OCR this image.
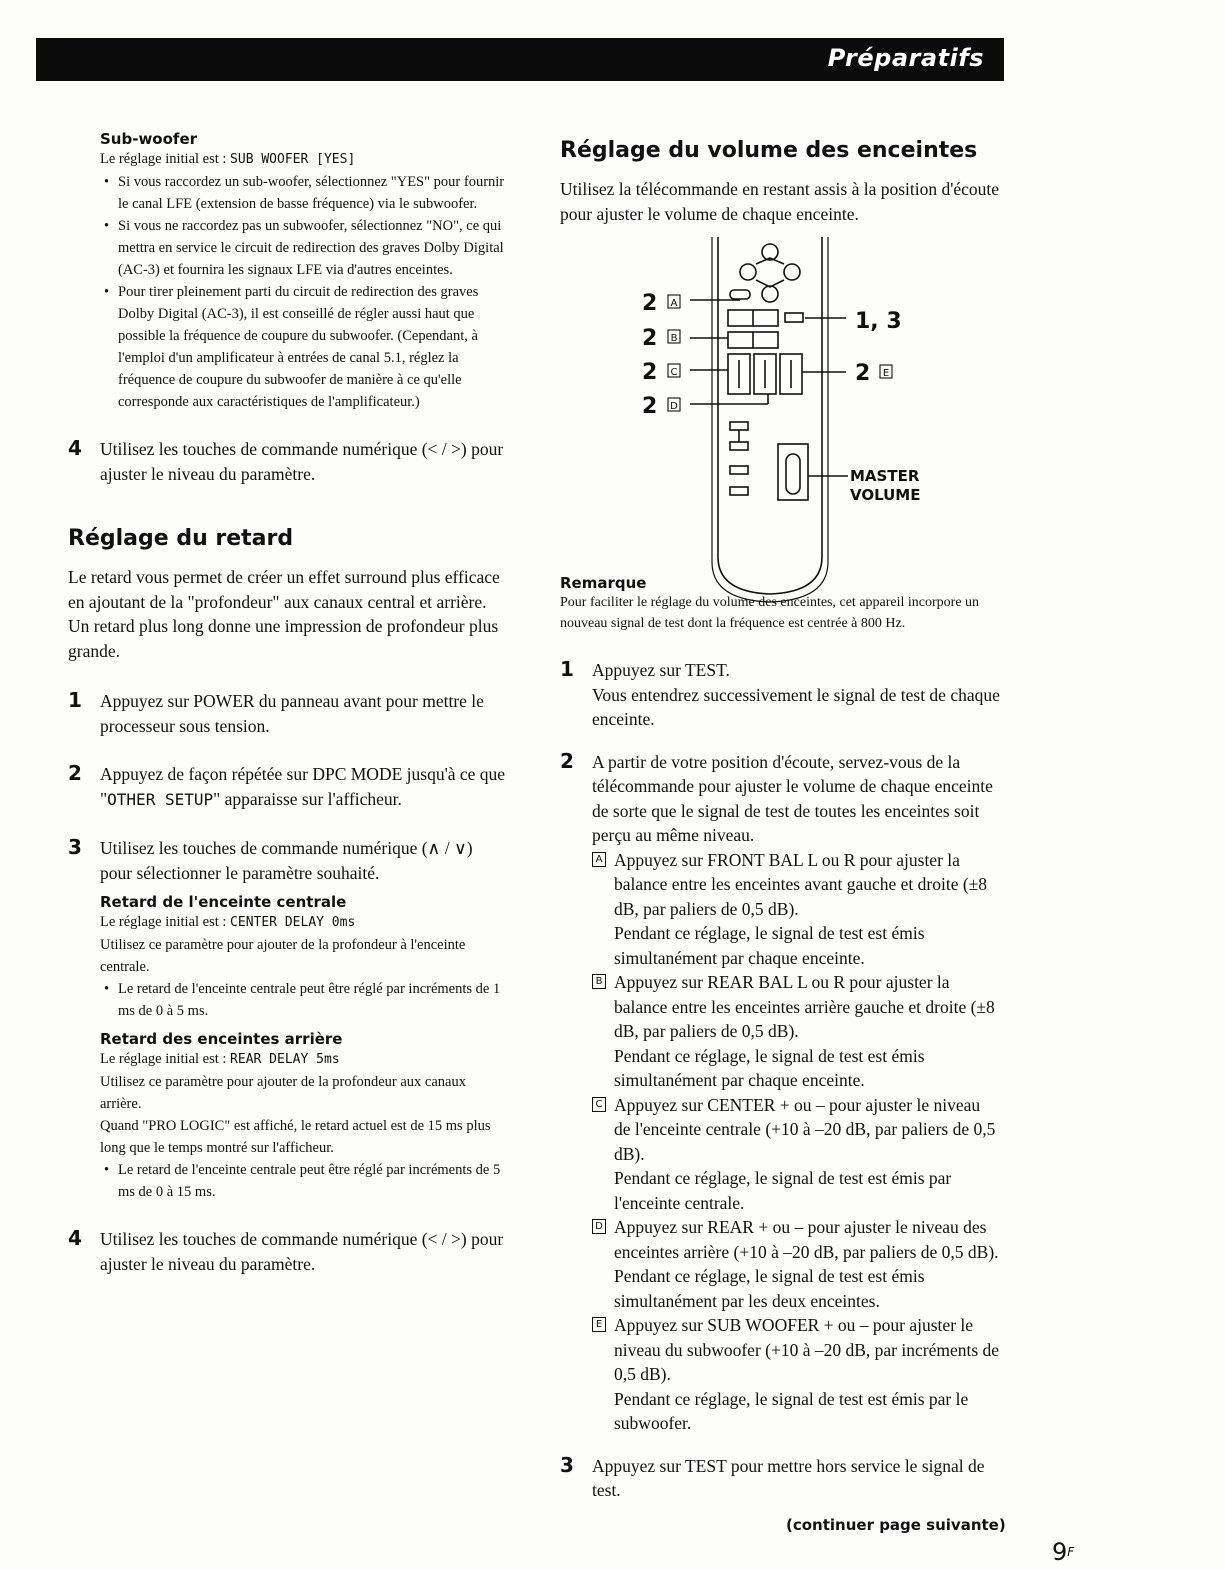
Préparatifs
Sub-woofer
Le réglage initial est : SUB WOOFER [YES]
• Si vous raccordez un sub-woofer, sélectionnez "YES" pour fournir le canal LFE (extension de basse fréquence) via le subwoofer.
• Si vous ne raccordez pas un subwoofer, sélectionnez "NO", ce qui mettra en service le circuit de redirection des graves Dolby Digital (AC-3) et fournira les signaux LFE via d'autres enceintes.
• Pour tirer pleinement parti du circuit de redirection des graves Dolby Digital (AC-3), il est conseillé de régler aussi haut que possible la fréquence de coupure du subwoofer. (Cependant, à l'emploi d'un amplificateur à entrées de canal 5.1, réglez la fréquence de coupure du subwoofer de manière à ce qu'elle corresponde aux caractéristiques de l'amplificateur.)
4 Utilisez les touches de commande numérique (< / >) pour ajuster le niveau du paramètre.
Réglage du retard
Le retard vous permet de créer un effet surround plus efficace en ajoutant de la "profondeur" aux canaux central et arrière. Un retard plus long donne une impression de profondeur plus grande.
1 Appuyez sur POWER du panneau avant pour mettre le processeur sous tension.
2 Appuyez de façon répétée sur DPC MODE jusqu'à ce que "OTHER SETUP" apparaisse sur l'afficheur.
3 Utilisez les touches de commande numérique (∧ / ∨) pour sélectionner le paramètre souhaité.
Retard de l'enceinte centrale
Le réglage initial est : CENTER DELAY 0ms
Utilisez ce paramètre pour ajouter de la profondeur à l'enceinte centrale.
• Le retard de l'enceinte centrale peut être réglé par incréments de 1 ms de 0 à 5 ms.
Retard des enceintes arrière
Le réglage initial est : REAR DELAY 5ms
Utilisez ce paramètre pour ajouter de la profondeur aux canaux arrière.
Quand "PRO LOGIC" est affiché, le retard actuel est de 15 ms plus long que le temps montré sur l'afficheur.
• Le retard de l'enceinte centrale peut être réglé par incréments de 5 ms de 0 à 15 ms.
4 Utilisez les touches de commande numérique (< / >) pour ajuster le niveau du paramètre.
Réglage du volume des enceintes
Utilisez la télécommande en restant assis à la position d'écoute pour ajuster le volume de chaque enceinte.
2
2
2
2
2
1, 3
A
B
C
D
E
MASTER
VOLUME
Remarque
Pour faciliter le réglage du volume des enceintes, cet appareil incorpore un nouveau signal de test dont la fréquence est centrée à 800 Hz.
1 Appuyez sur TEST.
Vous entendrez successivement le signal de test de chaque enceinte.
2 A partir de votre position d'écoute, servez-vous de la télécommande pour ajuster le volume de chaque enceinte de sorte que le signal de test de toutes les enceintes soit perçu au même niveau.
A Appuyez sur FRONT BAL L ou R pour ajuster la balance entre les enceintes avant gauche et droite (±8 dB, par paliers de 0,5 dB).
Pendant ce réglage, le signal de test est émis simultanément par chaque enceinte.
B Appuyez sur REAR BAL L ou R pour ajuster la balance entre les enceintes arrière gauche et droite (±8 dB, par paliers de 0,5 dB).
Pendant ce réglage, le signal de test est émis simultanément par chaque enceinte.
C Appuyez sur CENTER + ou – pour ajuster le niveau de l'enceinte centrale (+10 à –20 dB, par paliers de 0,5 dB).
Pendant ce réglage, le signal de test est émis par l'enceinte centrale.
D Appuyez sur REAR + ou – pour ajuster le niveau des enceintes arrière (+10 à –20 dB, par paliers de 0,5 dB).
Pendant ce réglage, le signal de test est émis simultanément par les deux enceintes.
E Appuyez sur SUB WOOFER + ou – pour ajuster le niveau du subwoofer (+10 à –20 dB, par incréments de 0,5 dB).
Pendant ce réglage, le signal de test est émis par le subwoofer.
3 Appuyez sur TEST pour mettre hors service le signal de test.
(continuer page suivante)
$9^F$
